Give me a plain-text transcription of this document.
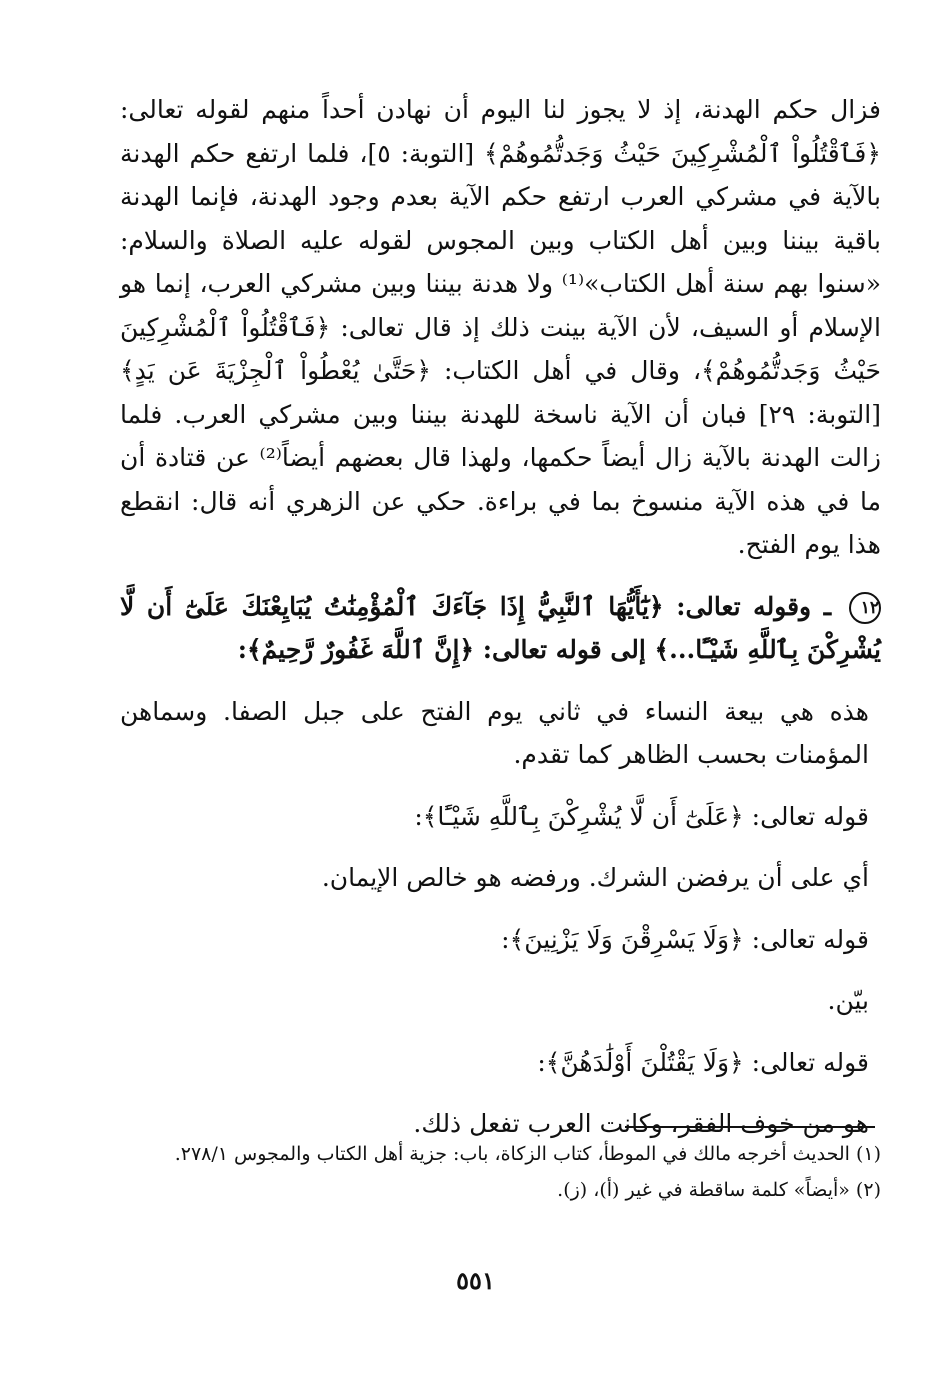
فزال حكم الهدنة، إذ لا يجوز لنا اليوم أن نهادن أحداً منهم لقوله تعالى: ﴿فَٱقْتُلُواْ ٱلْمُشْرِكِينَ حَيْثُ وَجَدتُّمُوهُمْ﴾ [التوبة: ٥]، فلما ارتفع حكم الهدنة بالآية في مشركي العرب ارتفع حكم الآية بعدم وجود الهدنة، فإنما الهدنة باقية بيننا وبين أهل الكتاب وبين المجوس لقوله عليه الصلاة والسلام: «سنوا بهم سنة أهل الكتاب»⁽¹⁾ ولا هدنة بيننا وبين مشركي العرب، إنما هو الإسلام أو السيف، لأن الآية بينت ذلك إذ قال تعالى: ﴿فَٱقْتُلُواْ ٱلْمُشْرِكِينَ حَيْثُ وَجَدتُّمُوهُمْ﴾، وقال في أهل الكتاب: ﴿حَتَّىٰ يُعْطُواْ ٱلْجِزْيَةَ عَن يَدٍ﴾ [التوبة: ٢٩] فبان أن الآية ناسخة للهدنة بيننا وبين مشركي العرب. فلما زالت الهدنة بالآية زال أيضاً حكمها، ولهذا قال بعضهم أيضاً⁽²⁾ عن قتادة أن ما في هذه الآية منسوخ بما في براءة. حكي عن الزهري أنه قال: انقطع هذا يوم الفتح.

١٢ ـ وقوله تعالى: ﴿يَٰٓأَيُّهَا ٱلنَّبِيُّ إِذَا جَآءَكَ ٱلْمُؤْمِنَٰتُ يُبَايِعْنَكَ عَلَىٰٓ أَن لَّا يُشْرِكْنَ بِٱللَّهِ شَيْـًٔا...﴾ إلى قوله تعالى: ﴿إِنَّ ٱللَّهَ غَفُورٌ رَّحِيمٌ﴾:

هذه هي بيعة النساء في ثاني يوم الفتح على جبل الصفا. وسماهن المؤمنات بحسب الظاهر كما تقدم.

قوله تعالى: ﴿عَلَىٰٓ أَن لَّا يُشْرِكْنَ بِٱللَّهِ شَيْـًٔا﴾:

أي على أن يرفضن الشرك. ورفضه هو خالص الإيمان.

قوله تعالى: ﴿وَلَا يَسْرِقْنَ وَلَا يَزْنِينَ﴾:

بيّن.

قوله تعالى: ﴿وَلَا يَقْتُلْنَ أَوْلَٰدَهُنَّ﴾:

هو من خوف الفقر، وكانت العرب تفعل ذلك.

(١) الحديث أخرجه مالك في الموطأ، كتاب الزكاة، باب: جزية أهل الكتاب والمجوس ٢٧٨/١.

(٢) «أيضاً» كلمة ساقطة في غير (أ)، (ز).

٥٥١
